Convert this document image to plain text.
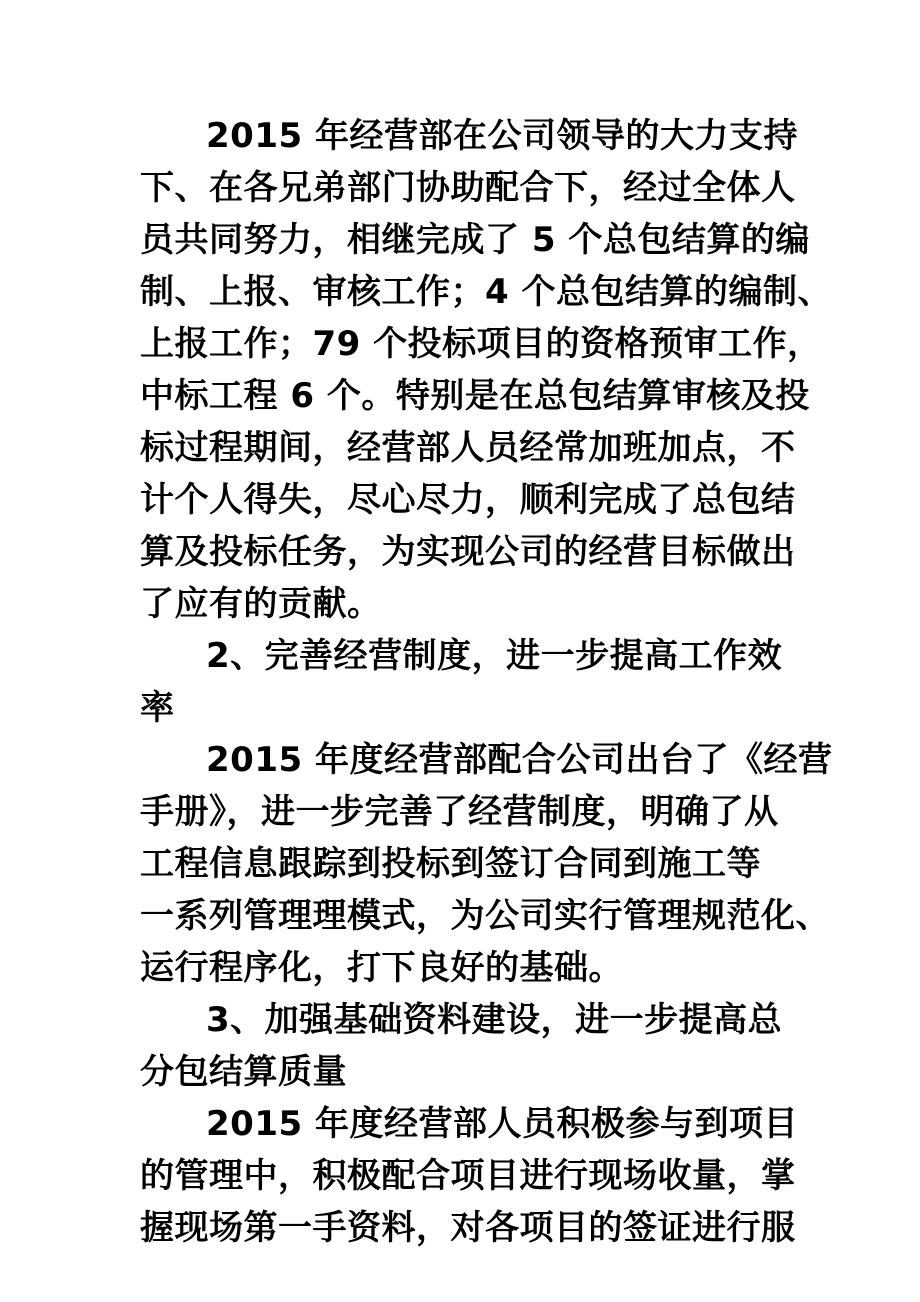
2015 年经营部在公司领导的大力支持
下、在各兄弟部门协助配合下，经过全体人
员共同努力，相继完成了 5 个总包结算的编
制、上报、审核工作；4 个总包结算的编制、
上报工作；79 个投标项目的资格预审工作，
中标工程 6 个。特别是在总包结算审核及投
标过程期间，经营部人员经常加班加点，不
计个人得失，尽心尽力，顺利完成了总包结
算及投标任务，为实现公司的经营目标做出
了应有的贡献。
2、完善经营制度，进一步提高工作效
率
2015 年度经营部配合公司出台了《经营
手册》，进一步完善了经营制度，明确了从
工程信息跟踪到投标到签订合同到施工等
一系列管理理模式，为公司实行管理规范化、
运行程序化，打下良好的基础。
3、加强基础资料建设，进一步提高总
分包结算质量
2015 年度经营部人员积极参与到项目
的管理中，积极配合项目进行现场收量，掌
握现场第一手资料，对各项目的签证进行服
